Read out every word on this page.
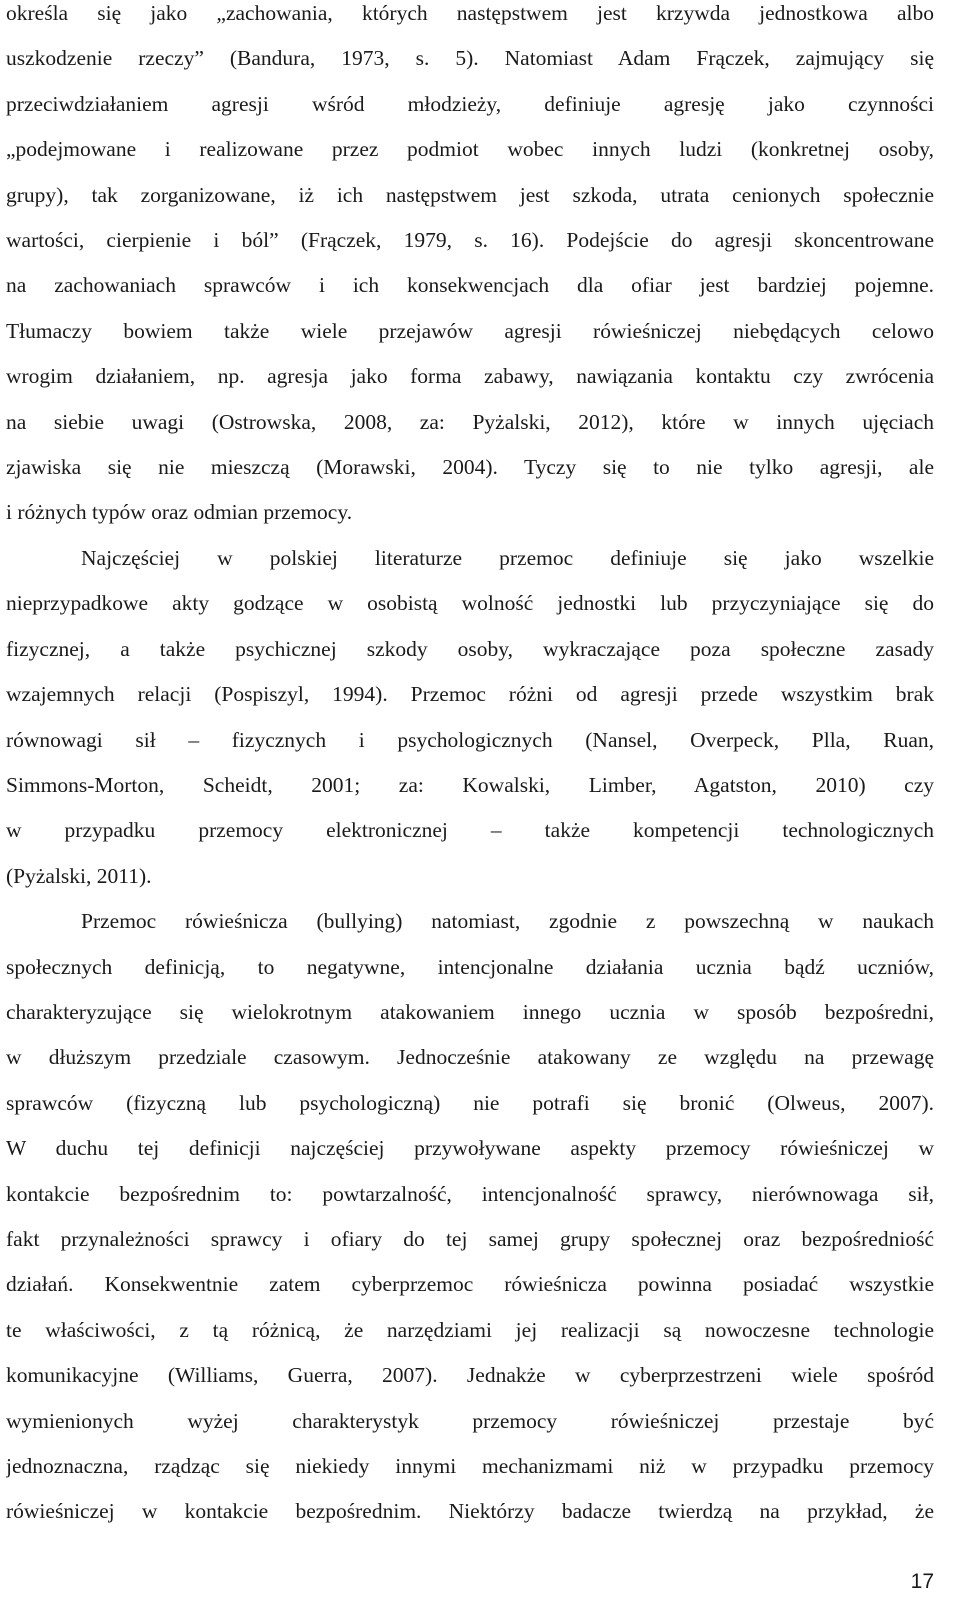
określa się jako „zachowania, których następstwem jest krzywda jednostkowa albo
uszkodzenie rzeczy” (Bandura, 1973, s. 5). Natomiast Adam Frączek, zajmujący się
przeciwdziałaniem agresji wśród młodzieży, definiuje agresję jako czynności
„podejmowane i realizowane przez podmiot wobec innych ludzi (konkretnej osoby,
grupy), tak zorganizowane, iż ich następstwem jest szkoda, utrata cenionych społecznie
wartości, cierpienie i ból” (Frączek, 1979, s. 16). Podejście do agresji skoncentrowane
na zachowaniach sprawców i ich konsekwencjach dla ofiar jest bardziej pojemne.
Tłumaczy bowiem także wiele przejawów agresji rówieśniczej niebędących celowo
wrogim działaniem, np. agresja jako forma zabawy, nawiązania kontaktu czy zwrócenia
na siebie uwagi (Ostrowska, 2008, za: Pyżalski, 2012), które w innych ujęciach
zjawiska się nie mieszczą (Morawski, 2004). Tyczy się to nie tylko agresji, ale
i różnych typów oraz odmian przemocy.
Najczęściej w polskiej literaturze przemoc definiuje się jako wszelkie
nieprzypadkowe akty godzące w osobistą wolność jednostki lub przyczyniające się do
fizycznej, a także psychicznej szkody osoby, wykraczające poza społeczne zasady
wzajemnych relacji (Pospiszyl, 1994). Przemoc różni od agresji przede wszystkim brak
równowagi sił – fizycznych i psychologicznych (Nansel, Overpeck, Plla, Ruan,
Simmons-Morton, Scheidt, 2001; za: Kowalski, Limber, Agatston, 2010) czy
w przypadku przemocy elektronicznej – także kompetencji technologicznych
(Pyżalski, 2011).
Przemoc rówieśnicza (bullying) natomiast, zgodnie z powszechną w naukach
społecznych definicją, to negatywne, intencjonalne działania ucznia bądź uczniów,
charakteryzujące się wielokrotnym atakowaniem innego ucznia w sposób bezpośredni,
w dłuższym przedziale czasowym. Jednocześnie atakowany ze względu na przewagę
sprawców (fizyczną lub psychologiczną) nie potrafi się bronić (Olweus, 2007).
W duchu tej definicji najczęściej przywoływane aspekty przemocy rówieśniczej w
kontakcie bezpośrednim to: powtarzalność, intencjonalność sprawcy, nierównowaga sił,
fakt przynależności sprawcy i ofiary do tej samej grupy społecznej oraz bezpośredniość
działań. Konsekwentnie zatem cyberprzemoc rówieśnicza powinna posiadać wszystkie
te właściwości, z tą różnicą, że narzędziami jej realizacji są nowoczesne technologie
komunikacyjne (Williams, Guerra, 2007). Jednakże w cyberprzestrzeni wiele spośród
wymienionych wyżej charakterystyk przemocy rówieśniczej przestaje być
jednoznaczna, rządząc się niekiedy innymi mechanizmami niż w przypadku przemocy
rówieśniczej w kontakcie bezpośrednim. Niektórzy badacze twierdzą na przykład, że
17
